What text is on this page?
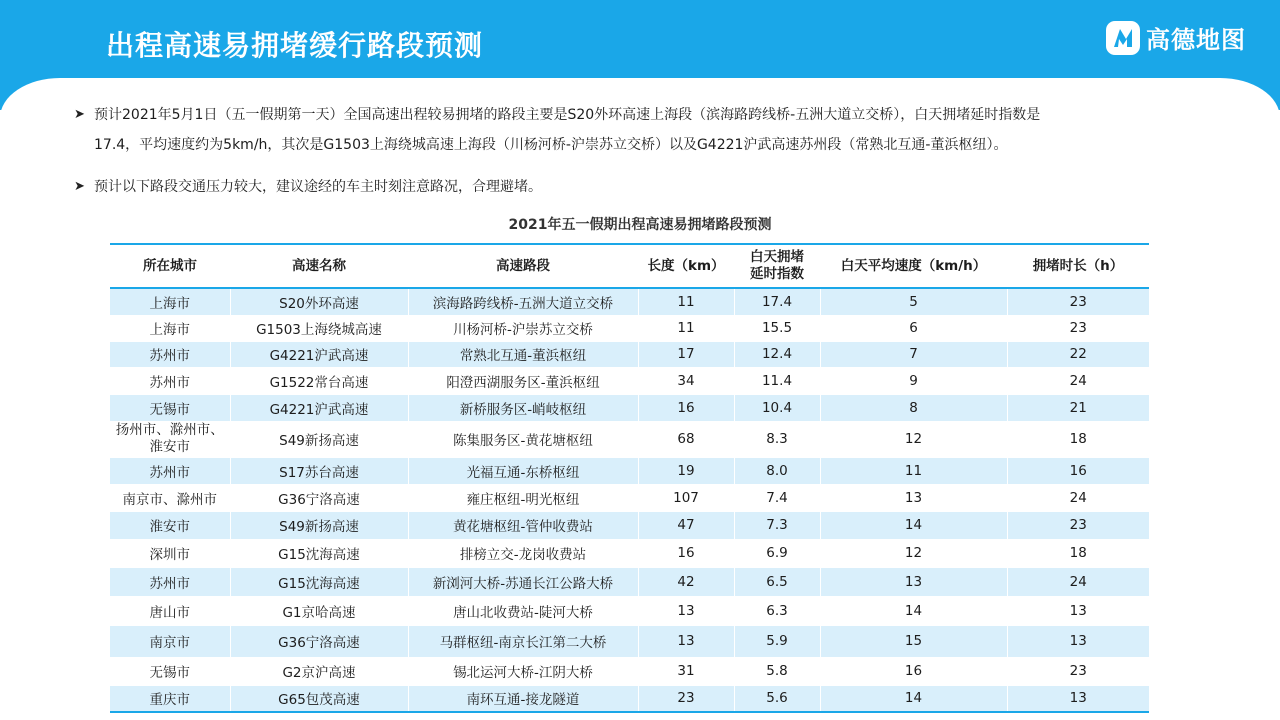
出程高速易拥堵缓行路段预测	高德地图
➤ 预计2021年5月1日（五一假期第一天）全国高速出程较易拥堵的路段主要是S20外环高速上海段（滨海路跨线桥-五洲大道立交桥），白天拥堵延时指数是
17.4，平均速度约为5km/h，其次是G1503上海绕城高速上海段（川杨河桥-沪崇苏立交桥）以及G4221沪武高速苏州段（常熟北互通-董浜枢纽）。
➤ 预计以下路段交通压力较大，建议途经的车主时刻注意路况，合理避堵。
2021年五一假期出程高速易拥堵路段预测
所在城市	高速名称	高速路段	长度（km）	白天拥堵
延时指数	白天平均速度（km/h）	拥堵时长（h）
上海市	S20外环高速	滨海路跨线桥-五洲大道立交桥	11	17.4	5	23
上海市	G1503上海绕城高速	川杨河桥-沪崇苏立交桥	11	15.5	6	23
苏州市	G4221沪武高速	常熟北互通-董浜枢纽	17	12.4	7	22
苏州市	G1522常台高速	阳澄西湖服务区-董浜枢纽	34	11.4	9	24
无锡市	G4221沪武高速	新桥服务区-峭岐枢纽	16	10.4	8	21

扬州市、滁州市、
淮安市	S49新扬高速	陈集服务区-黄花塘枢纽	68	8.3	12	18
苏州市	S17苏台高速	光福互通-东桥枢纽	19	8.0	11	16
南京市、滁州市	G36宁洛高速	雍庄枢纽-明光枢纽	107	7.4	13	24
淮安市	S49新扬高速	黄花塘枢纽-管仲收费站	47	7.3	14	23
深圳市	G15沈海高速	排榜立交-龙岗收费站	16	6.9	12	18
苏州市	G15沈海高速	新浏河大桥-苏通长江公路大桥	42	6.5	13	24
唐山市	G1京哈高速	唐山北收费站-陡河大桥	13	6.3	14	13
南京市	G36宁洛高速	马群枢纽-南京长江第二大桥	13	5.9	15	13
无锡市	G2京沪高速	锡北运河大桥-江阴大桥	31	5.8	16	23
重庆市	G65包茂高速	南环互通-接龙隧道	23	5.6	14	13
